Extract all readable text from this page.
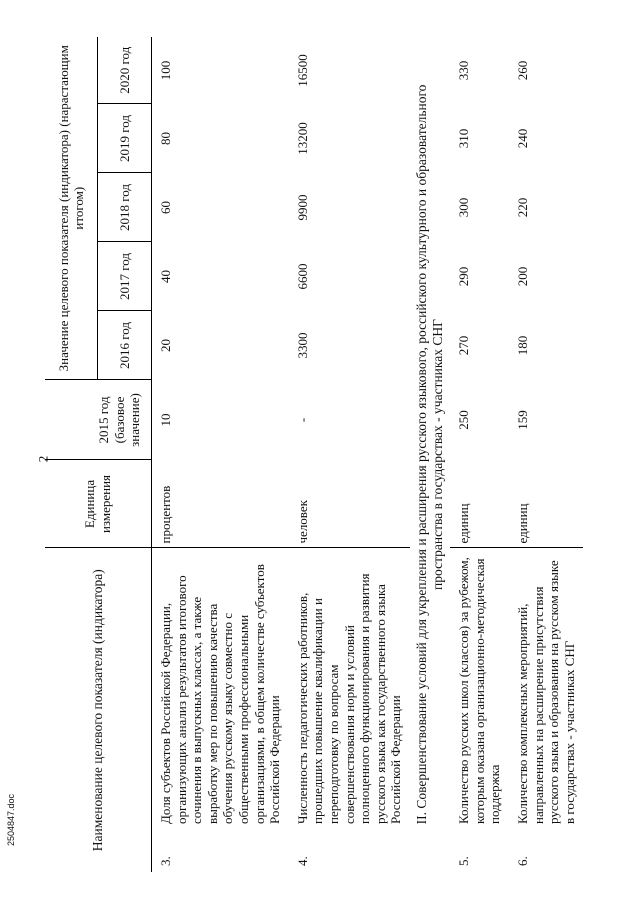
2
Наименование целевого показателя (индикатора)		Единица измерения	2015 год (базовое значение)	Значение целевого показателя (индикатора) (нарастающим итогом)				
				2016 год	2017 год	2018 год	2019 год	2020 год
3.	Доля субъектов Российской Федерации, организующих анализ результатов итогового сочинения в выпускных классах, а также выработку мер по повышению качества обучения русскому языку совместно с общественными профессиональными организациями, в общем количестве субъектов Российской Федерации	процентов	10	20	40	60	80	100
4.	Численность педагогических работников, прошедших повышение квалификации и переподготовку по вопросам совершенствования норм и условий полноценного функционирования и развития русского языка как государственного языка Российской Федерации	человек	-	3300	6600	9900	13200	16500
II. Совершенствование условий для укрепления и расширения русского языкового, российского культурного и образовательного пространства в государствах - участниках СНГ								
5.	Количество русских школ (классов) за рубежом, которым оказана организационно-методическая поддержка	единиц	250	270	290	300	310	330
6.	Количество комплексных мероприятий, направленных на расширение присутствия русского языка и образования на русском языке в государствах - участниках СНГ	единиц	159	180	200	220	240	260
2504847.doc
